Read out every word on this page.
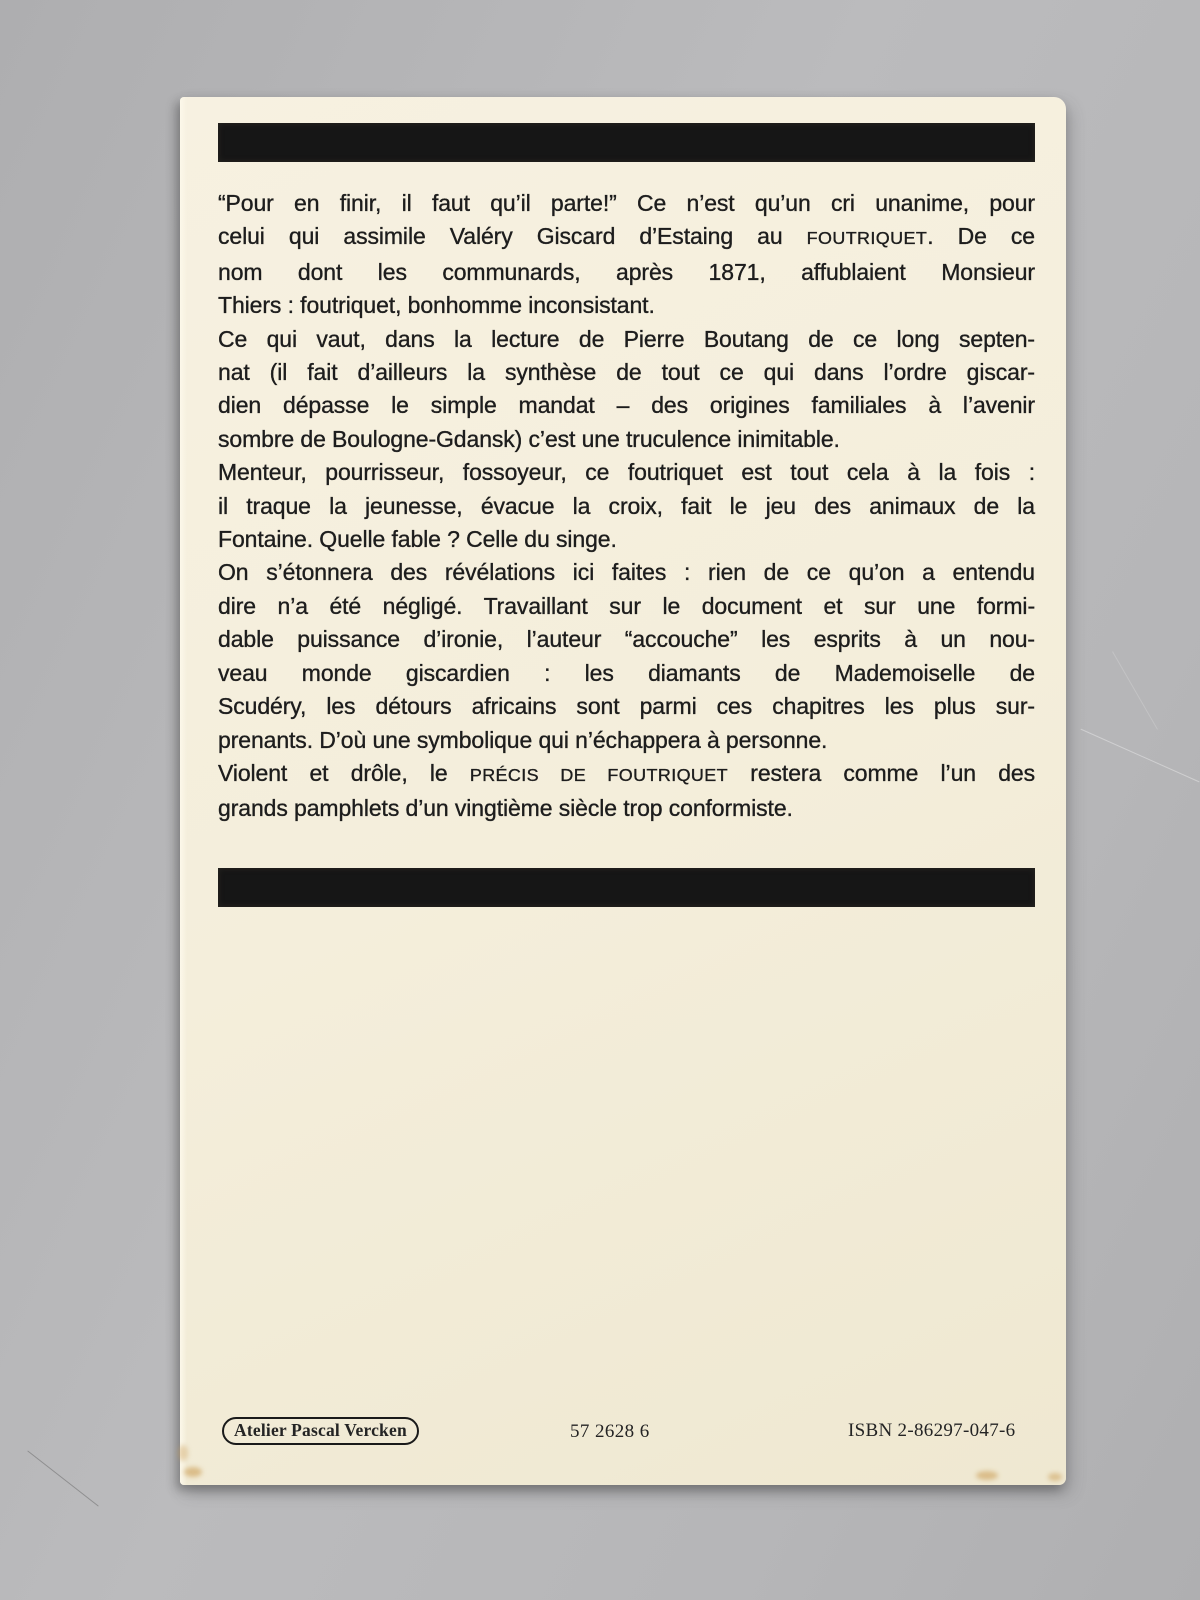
“Pour en finir, il faut qu’il parte!” Ce n’est qu’un cri unanime, pour
celui qui assimile Valéry Giscard d’Estaing au FOUTRIQUET. De ce
nom dont les communards, après 1871, affublaient Monsieur
Thiers : foutriquet, bonhomme inconsistant.
Ce qui vaut, dans la lecture de Pierre Boutang de ce long septen-
nat (il fait d’ailleurs la synthèse de tout ce qui dans l’ordre giscar-
dien dépasse le simple mandat – des origines familiales à l’avenir
sombre de Boulogne-Gdansk) c’est une truculence inimitable.
Menteur, pourrisseur, fossoyeur, ce foutriquet est tout cela à la fois :
il traque la jeunesse, évacue la croix, fait le jeu des animaux de la
Fontaine. Quelle fable ? Celle du singe.
On s’étonnera des révélations ici faites : rien de ce qu’on a entendu
dire n’a été négligé. Travaillant sur le document et sur une formi-
dable puissance d’ironie, l’auteur “accouche” les esprits à un nou-
veau monde giscardien : les diamants de Mademoiselle de
Scudéry, les détours africains sont parmi ces chapitres les plus sur-
prenants. D’où une symbolique qui n’échappera à personne.
Violent et drôle, le PRÉCIS DE FOUTRIQUET restera comme l’un des
grands pamphlets d’un vingtième siècle trop conformiste.
Atelier Pascal Vercken	57 2628 6	ISBN 2-86297-047-6
